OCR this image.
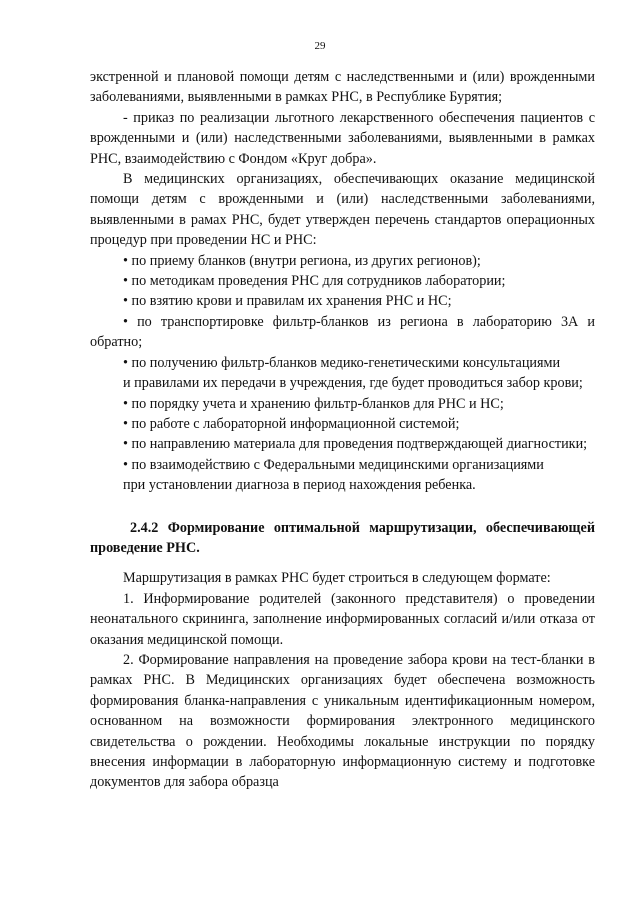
29

экстренной и плановой помощи детям с наследственными и (или) врожденными заболеваниями, выявленными в рамках РНС, в Республике Бурятия;

- приказ по реализации льготного лекарственного обеспечения пациентов с врожденными и (или) наследственными заболеваниями, выявленными в рамках РНС, взаимодействию с Фондом «Круг добра».

В медицинских организациях, обеспечивающих оказание медицинской помощи детям с врожденными и (или) наследственными заболеваниями, выявленными в рамах РНС, будет утвержден перечень стандартов операционных процедур при проведении НС и РНС:

• по приему бланков (внутри региона, из других регионов);

• по методикам проведения РНС для сотрудников лаборатории;

• по взятию крови и правилам их хранения РНС и НС;

• по транспортировке фильтр-бланков из региона в лабораторию 3А и обратно;

• по получению фильтр-бланков медико-генетическими консультациями

и правилами их передачи в учреждения, где будет проводиться забор крови;

• по порядку учета и хранению фильтр-бланков для РНС и НС;

• по работе с лабораторной информационной системой;

• по направлению материала для проведения подтверждающей диагностики;

• по взаимодействию с Федеральными медицинскими организациями

при установлении диагноза в период нахождения ребенка.

2.4.2 Формирование оптимальной маршрутизации, обеспечивающей проведение РНС.

Маршрутизация в рамках РНС будет строиться в следующем формате:

1. Информирование родителей (законного представителя) о проведении неонатального скрининга, заполнение информированных согласий и/или отказа от оказания медицинской помощи.

2. Формирование направления на проведение забора крови на тест-бланки в рамках РНС. В Медицинских организациях будет обеспечена возможность формирования бланка-направления с уникальным идентификационным номером, основанном на возможности формирования электронного медицинского свидетельства о рождении. Необходимы локальные инструкции по порядку внесения информации в лабораторную информационную систему и подготовке документов для забора образца
